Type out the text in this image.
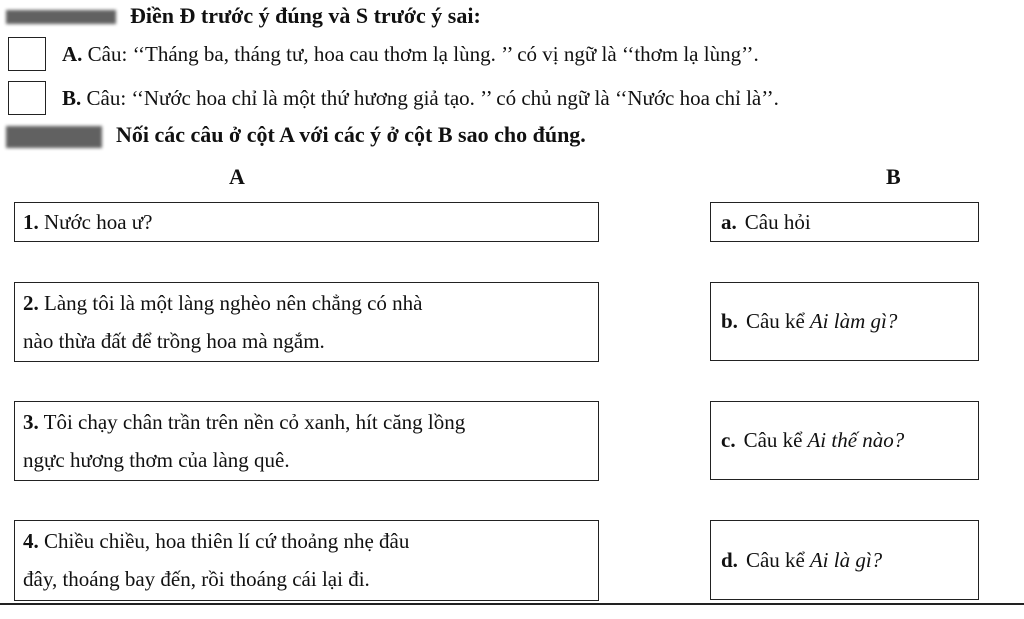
Điền Đ trước ý đúng và S trước ý sai:
A. Câu: ‘‘Tháng ba, tháng tư, hoa cau thơm lạ lùng. ’’ có vị ngữ là ‘‘thơm lạ lùng’’.
B. Câu: ‘‘Nước hoa chỉ là một thứ hương giả tạo. ’’ có chủ ngữ là ‘‘Nước hoa chỉ là’’.
Nối các câu ở cột A với các ý ở cột B sao cho đúng.
A	B
1. Nước hoa ư?
2. Làng tôi là một làng nghèo nên chẳng có nhà
nào thừa đất để trồng hoa mà ngắm.
3. Tôi chạy chân trần trên nền cỏ xanh, hít căng lồng
ngực hương thơm của làng quê.
4. Chiều chiều, hoa thiên lí cứ thoảng nhẹ đâu
đây, thoáng bay đến, rồi thoáng cái lại đi.
a. Câu hỏi
b. Câu kể Ai làm gì?
c. Câu kể Ai thế nào?
d. Câu kể Ai là gì?
